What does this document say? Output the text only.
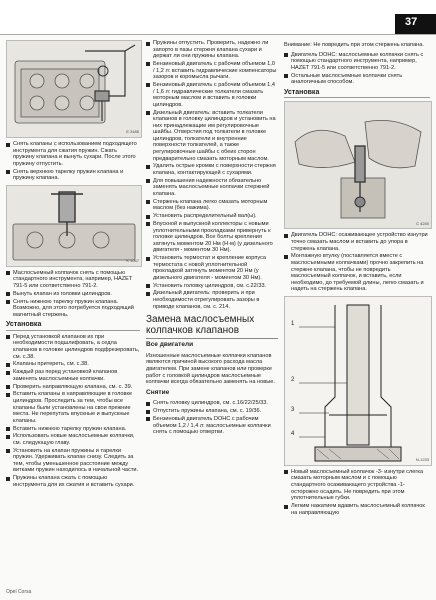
37
E 3185
Снять клапаны с использованием подходящего инструмента для сжатия пружин. Сжать пружину клапана и вынуть сухари. После этого пружину отпустить.
Снять верхнюю тарелку пружин клапана и пружину клапана.
K 1067
Маслосъемный колпачок снять с помощью стандартного инструмента, например, HAZET 791-5 или соответственно 791-2.
Вынуть клапан из головки цилиндров.
Снять нижнюю тарелку пружин клапана. Возможно, для этого потребуется подходящий магнитный стержень.
Установка
Перед установкой клапанов их при необходимости подшлифовать, а седла клапанов в головке цилиндров подфрезеровать, см. с.38.
Клапаны притереть, см. с.38.
Каждый раз перед установкой клапанов заменять маслосъемные колпачки.
Проверить направляющую клапана, см. с. 39.
Вставить клапаны в направляющие в головке цилиндров. Проследить за тем, чтобы все клапаны были установлены на свои прежние места. Не перепутать впускные и выпускные клапаны.
Вставить нижнюю тарелку пружин клапана.
Использовать новые маслосъемные колпачки, см. следующую главу.
Установить на клапан пружины и тарелки пружин. Удерживать клапан снизу. Следить за тем, чтобы уменьшенное расстояние между витками пружин находилось в начальной части.
Пружины клапана сжать с помощью инструмента для их сжатия и вставить сухари.
Пружины отпустить. Проверить, надежно ли запорто в пазы стержня клапана сухари и держат ли они пружины клапана.
Бензиновый двигатель с рабочим объемом 1,0 / 1,2 л: вставить гидравлические компенсаторы зазоров и коромысла рычаги.
Бензиновый двигатель с рабочим объемом 1,4 / 1,6 л: гидравлические толкатели смазать моторным маслом и вставить в головки цилиндров.
Дизельный двигатель: вставить толкатели клапанов в головку цилиндров и установить на них принадлежащие им регулировочные шайбы. Отверстия под толкатели в головке цилиндров, толкатели и внутренние поверхности толкателей, а также регулировочные шайбы с обеих сторон предварительно смазать моторным маслом.
Удалить острые кромки с поверхности стержня клапана, контактирующей с сухарями.
Для повышения надежности обязательно заменять маслосъемные колпачки стержней клапана.
Стержень клапана легко смазать моторным маслом (без нажима).
Установить распределительный вал(ы).
Впускной и выпускной коллекторы с новыми уплотнительными прокладками привернуть к головке цилиндров. Все болты крепления затянуть моментом 20 Нм (Н·м) (у дизельного двигателя - моментом 30 Нм).
Установить термостат и крепление корпуса термостата с новой уплотнительной прокладкой затянуть моментом 20 Нм (у дизельного двигателя - моментом 30 Нм).
Установить головку цилиндров, см. с.22/33.
Дизельный двигатель: проверить и при необходимости отрегулировать зазоры в приводе клапанов, см. с. 214.
Замена маслосъемных колпачков клапанов
Все двигатели
Изношенные маслосъемные колпачки клапанов являются причиной высокого расхода масла двигателем. При замене клапанов или проверке работ с головкой цилиндров маслосъемные колпачки всегда обязательно заменять на новые.
Снятие
Снять головку цилиндров, см. с.16/22/25/33.
Отпустить пружины клапана, см. с. 19/36.
Бензиновый двигатель DOHC с рабочим объемом 1,2 / 1,4 л: маслосъемные колпачки снять с помощью отвертки.
Внимание: Не повредить при этом стержень клапана.
Двигатель DOHC: маслосъемные колпачки снять с помощью стандартного инструмента, например, HAZET 791-5 или соответственно 791-2.
Остальные маслосъемные колпачки снять аналогичным способом.
Установка
C 4240
Двигатель DOHC: осаживающее устройство изнутри точно смазать маслом и вставить до упора в стержень клапана.
Монтажную втулку (поставляется вместе с маслосъемными колпачками) прочно закрепить на стержне клапана, чтобы не повредить маслосъемный колпачок, и вставить, если необходимо, до требуемой длины, легко смазать и надеть на стержень клапана.
1
2
3
4
N-1233
Новый маслосъемный колпачок -3- изнутри слегка смазать моторным маслом и с помощью стандартного осаживающего устройства -1- осторожно осадить. Не повредить при этом уплотнительные губки.
Легким нажатием вдавить маслосъемный колпачок на направляющую
Opel Corsa
